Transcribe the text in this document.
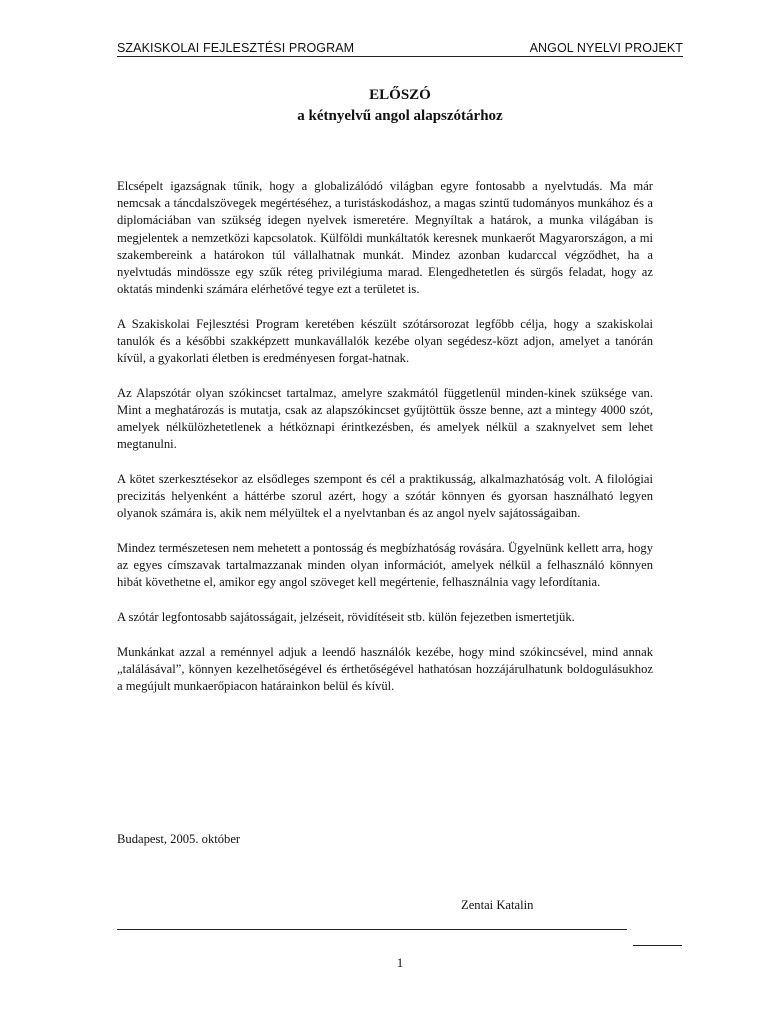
SZAKISKOLAI FEJLESZTÉSI PROGRAM	ANGOL NYELVI PROJEKT
ELŐSZÓ
a kétnyelvű angol alapszótárhoz

Elcsépelt igazságnak tűnik, hogy a globalizálódó világban egyre fontosabb a nyelvtudás. Ma már nemcsak a táncdalszövegek megértéséhez, a turistáskodáshoz, a magas szintű tudományos munkához és a diplomáciában van szükség idegen nyelvek ismeretére. Megnyíltak a határok, a munka világában is megjelentek a nemzetközi kapcsolatok. Külföldi munkáltatók keresnek munkaerőt Magyarországon, a mi szakembereink a határokon túl vállalhatnak munkát. Mindez azonban kudarccal végződhet, ha a nyelvtudás mindössze egy szűk réteg privilégiuma marad. Elengedhetetlen és sürgős feladat, hogy az oktatás mindenki számára elérhetővé tegye ezt a területet is.

A Szakiskolai Fejlesztési Program keretében készült szótársorozat legfőbb célja, hogy a szakiskolai tanulók és a későbbi szakképzett munkavállalók kezébe olyan segédesz-közt adjon, amelyet a tanórán kívül, a gyakorlati életben is eredményesen forgat-hatnak.

Az Alapszótár olyan szókincset tartalmaz, amelyre szakmától függetlenül minden-kinek szüksége van. Mint a meghatározás is mutatja, csak az alapszókincset gyűjtöttük össze benne, azt a mintegy 4000 szót, amelyek nélkülözhetetlenek a hétköznapi érintkezésben, és amelyek nélkül a szaknyelvet sem lehet megtanulni.

A kötet szerkesztésekor az elsődleges szempont és cél a praktikusság, alkalmazhatóság volt. A filológiai precizitás helyenként a háttérbe szorul azért, hogy a szótár könnyen és gyorsan használható legyen olyanok számára is, akik nem mélyültek el a nyelvtanban és az angol nyelv sajátosságaiban.

Mindez természetesen nem mehetett a pontosság és megbízhatóság rovására. Ügyelnünk kellett arra, hogy az egyes címszavak tartalmazzanak minden olyan információt, amelyek nélkül a felhasználó könnyen hibát követhetne el, amikor egy angol szöveget kell megértenie, felhasználnia vagy lefordítania.

A szótár legfontosabb sajátosságait, jelzéseit, rövidítéseit stb. külön fejezetben ismertetjük.

Munkánkat azzal a reménnyel adjuk a leendő használók kezébe, hogy mind szókincsével, mind annak „találásával”, könnyen kezelhetőségével és érthetőségével hathatósan hozzájárulhatunk boldogulásukhoz a megújult munkaerőpiacon határainkon belül és kívül.

Budapest, 2005. október
Zentai Katalin
1
